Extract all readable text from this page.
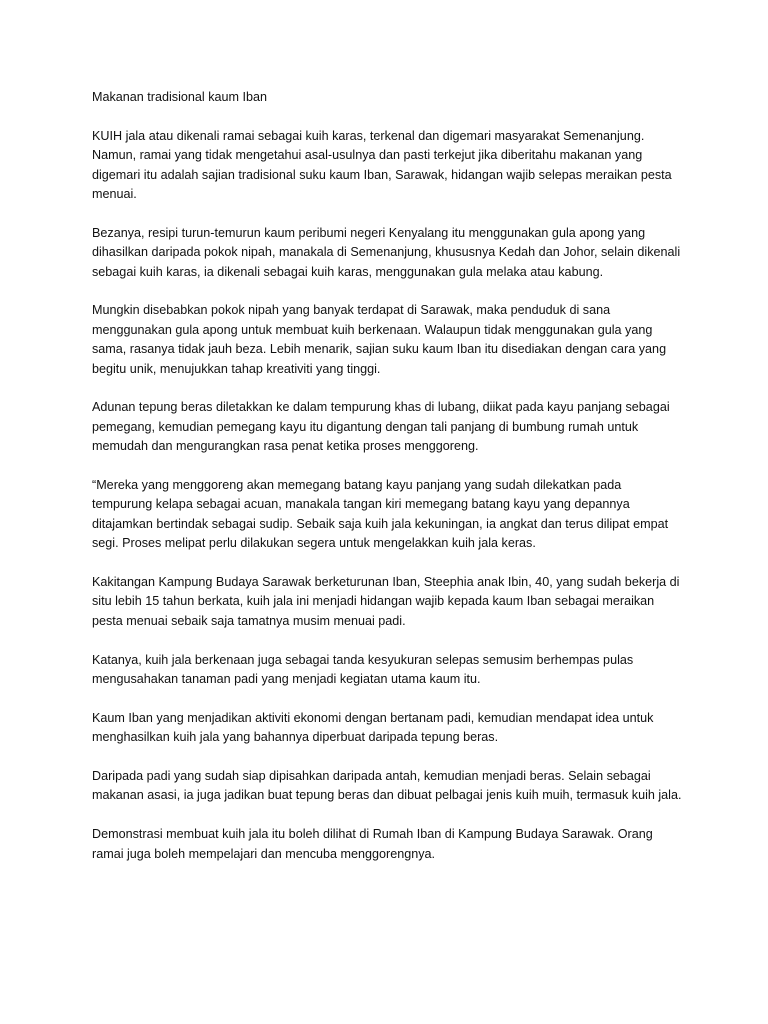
Makanan tradisional kaum Iban

KUIH jala atau dikenali ramai sebagai kuih karas, terkenal dan digemari masyarakat Semenanjung. Namun, ramai yang tidak mengetahui asal-usulnya dan pasti terkejut jika diberitahu makanan yang digemari itu adalah sajian tradisional suku kaum Iban, Sarawak, hidangan wajib selepas meraikan pesta menuai.

Bezanya, resipi turun-temurun kaum peribumi negeri Kenyalang itu menggunakan gula apong yang dihasilkan daripada pokok nipah, manakala di Semenanjung, khususnya Kedah dan Johor, selain dikenali sebagai kuih karas, ia dikenali sebagai kuih karas, menggunakan gula melaka atau kabung.

Mungkin disebabkan pokok nipah yang banyak terdapat di Sarawak, maka penduduk di sana menggunakan gula apong untuk membuat kuih berkenaan. Walaupun tidak menggunakan gula yang sama, rasanya tidak jauh beza. Lebih menarik, sajian suku kaum Iban itu disediakan dengan cara yang begitu unik, menujukkan tahap kreativiti yang tinggi.

Adunan tepung beras diletakkan ke dalam tempurung khas di lubang, diikat pada kayu panjang sebagai pemegang, kemudian pemegang kayu itu digantung dengan tali panjang di bumbung rumah untuk memudah dan mengurangkan rasa penat ketika proses menggoreng.

“Mereka yang menggoreng akan memegang batang kayu panjang yang sudah dilekatkan pada tempurung kelapa sebagai acuan, manakala tangan kiri memegang batang kayu yang depannya ditajamkan bertindak sebagai sudip. Sebaik saja kuih jala kekuningan, ia angkat dan terus dilipat empat segi. Proses melipat perlu dilakukan segera untuk mengelakkan kuih jala keras.

Kakitangan Kampung Budaya Sarawak berketurunan Iban, Steephia anak Ibin, 40, yang sudah bekerja di situ lebih 15 tahun berkata, kuih jala ini menjadi hidangan wajib kepada kaum Iban sebagai meraikan pesta menuai sebaik saja tamatnya musim menuai padi.

Katanya, kuih jala berkenaan juga sebagai tanda kesyukuran selepas semusim berhempas pulas mengusahakan tanaman padi yang menjadi kegiatan utama kaum itu.

Kaum Iban yang menjadikan aktiviti ekonomi dengan bertanam padi, kemudian mendapat idea untuk menghasilkan kuih jala yang bahannya diperbuat daripada tepung beras.

Daripada padi yang sudah siap dipisahkan daripada antah, kemudian menjadi beras. Selain sebagai makanan asasi, ia juga jadikan buat tepung beras dan dibuat pelbagai jenis kuih muih, termasuk kuih jala.

Demonstrasi membuat kuih jala itu boleh dilihat di Rumah Iban di Kampung Budaya Sarawak. Orang ramai juga boleh mempelajari dan mencuba menggorengnya.
